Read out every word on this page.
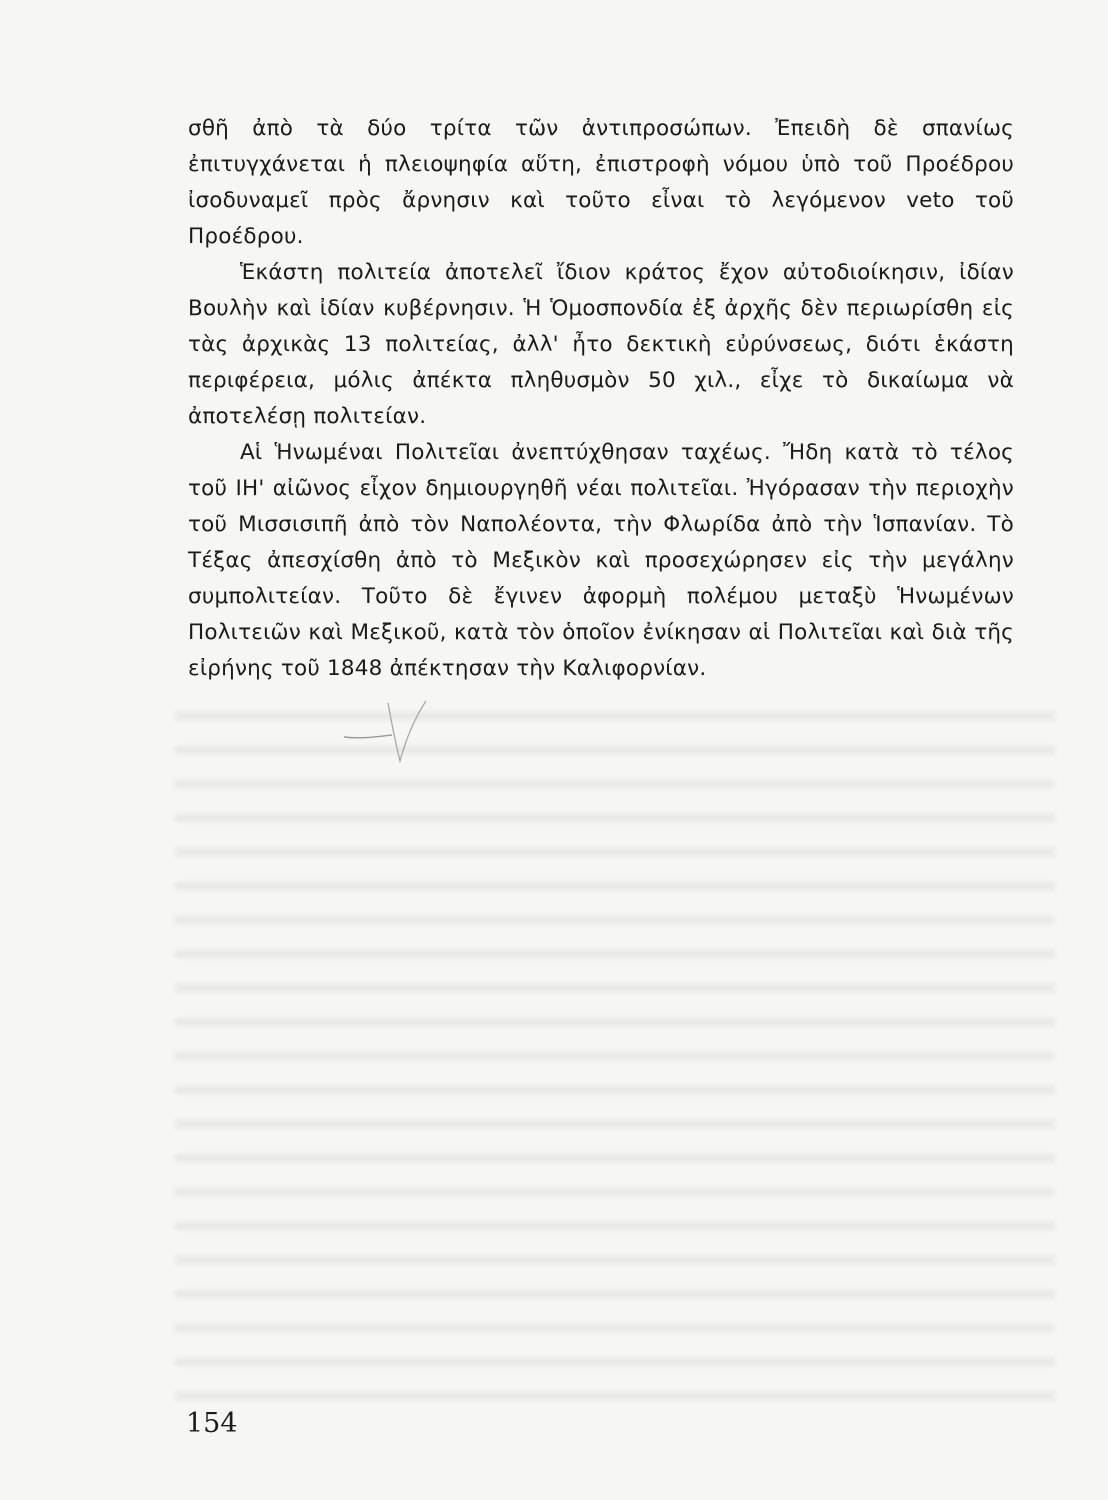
σθῆ ἀπὸ τὰ δύο τρίτα τῶν ἀντιπροσώπων. Ἐπειδὴ δὲ σπανίως ἐπιτυγχάνεται ἡ πλειοψηφία αὕτη, ἐπιστροφὴ νόμου ὑπὸ τοῦ Προέδρου ἰσοδυναμεῖ πρὸς ἄρνησιν καὶ τοῦτο εἶναι τὸ λεγόμενον veto τοῦ Προέδρου.

Ἑκάστη πολιτεία ἀποτελεῖ ἴδιον κράτος ἔχον αὐτοδιοίκησιν, ἰδίαν Βουλὴν καὶ ἰδίαν κυβέρνησιν. Ἡ Ὁμοσπονδία ἐξ ἀρχῆς δὲν περιωρίσθη εἰς τὰς ἀρχικὰς 13 πολιτείας, ἀλλ' ἦτο δεκτικὴ εὐρύνσεως, διότι ἑκάστη περιφέρεια, μόλις ἀπέκτα πληθυσμὸν 50 χιλ., εἶχε τὸ δικαίωμα νὰ ἀποτελέσῃ πολιτείαν.

Αἱ Ἡνωμέναι Πολιτεῖαι ἀνεπτύχθησαν ταχέως. Ἤδη κατὰ τὸ τέλος τοῦ ΙΗ' αἰῶνος εἶχον δημιουργηθῆ νέαι πολιτεῖαι. Ἠγόρασαν τὴν περιοχὴν τοῦ Μισσισιπῆ ἀπὸ τὸν Ναπολέοντα, τὴν Φλωρίδα ἀπὸ τὴν Ἱσπανίαν. Τὸ Τέξας ἀπεσχίσθη ἀπὸ τὸ Μεξικὸν καὶ προσεχώρησεν εἰς τὴν μεγάλην συμπολιτείαν. Τοῦτο δὲ ἔγινεν ἀφορμὴ πολέμου μεταξὺ Ἡνωμένων Πολιτειῶν καὶ Μεξικοῦ, κατὰ τὸν ὁποῖον ἐνίκησαν αἱ Πολιτεῖαι καὶ διὰ τῆς εἰρήνης τοῦ 1848 ἀπέκτησαν τὴν Καλιφορνίαν.

154
